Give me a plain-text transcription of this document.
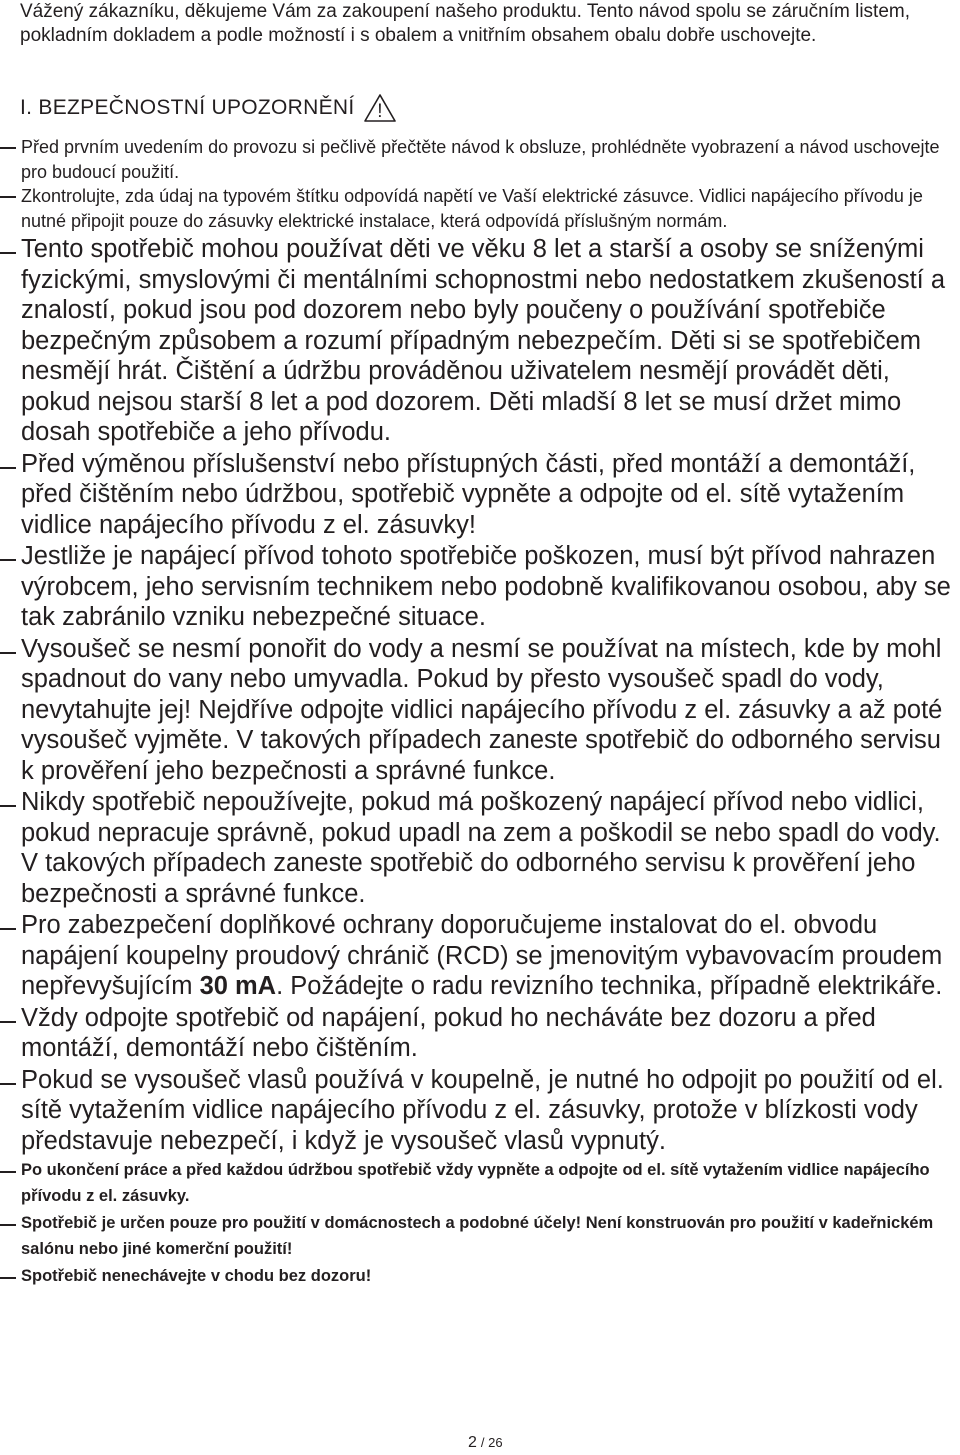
Vážený zákazníku, děkujeme Vám za zakoupení našeho produktu. Tento návod spolu se záručním listem, pokladním dokladem a podle možností i s obalem a vnitřním obsahem obalu dobře uschovejte.

I. BEZPEČNOSTNÍ UPOZORNĚNÍ !
Před prvním uvedením do provozu si pečlivě přečtěte návod k obsluze, prohlédněte vyobrazení a návod uschovejte pro budoucí použití.
Zkontrolujte, zda údaj na typovém štítku odpovídá napětí ve Vaší elektrické zásuvce. Vidlici napájecího přívodu je nutné připojit pouze do zásuvky elektrické instalace, která odpovídá příslušným normám.
Tento spotřebič mohou používat děti ve věku 8 let a starší a osoby se sníženými fyzickými, smyslovými či mentálními schopnostmi nebo nedostatkem zkušeností a znalostí, pokud jsou pod dozorem nebo byly poučeny o používání spotřebiče bezpečným způsobem a rozumí případným nebezpečím. Děti si se spotřebičem nesmějí hrát. Čištění a údržbu prováděnou uživatelem nesmějí provádět děti, pokud nejsou starší 8 let a pod dozorem. Děti mladší 8 let se musí držet mimo dosah spotřebiče a jeho přívodu.
Před výměnou příslušenství nebo přístupných části, před montáží a demontáží, před čištěním nebo údržbou, spotřebič vypněte a odpojte od el. sítě vytažením vidlice napájecího přívodu z el. zásuvky!
Jestliže je napájecí přívod tohoto spotřebiče poškozen, musí být přívod nahrazen výrobcem, jeho servisním technikem nebo podobně kvalifikovanou osobou, aby se tak zabránilo vzniku nebezpečné situace.
Vysoušeč se nesmí ponořit do vody a nesmí se používat na místech, kde by mohl spadnout do vany nebo umyvadla. Pokud by přesto vysoušeč spadl do vody, nevytahujte jej! Nejdříve odpojte vidlici napájecího přívodu z el. zásuvky a až poté vysoušeč vyjměte. V takových případech zaneste spotřebič do odborného servisu k prověření jeho bezpečnosti a správné funkce.
Nikdy spotřebič nepoužívejte, pokud má poškozený napájecí přívod nebo vidlici, pokud nepracuje správně, pokud upadl na zem a poškodil se nebo spadl do vody. V takových případech zaneste spotřebič do odborného servisu k prověření jeho bezpečnosti a správné funkce.
Pro zabezpečení doplňkové ochrany doporučujeme instalovat do el. obvodu napájení koupelny proudový chránič (RCD) se jmenovitým vybavovacím proudem nepřevyšujícím 30 mA. Požádejte o radu revizního technika, případně elektrikáře.
Vždy odpojte spotřebič od napájení, pokud ho necháváte bez dozoru a před montáží, demontáží nebo čištěním.
Pokud se vysoušeč vlasů používá v koupelně, je nutné ho odpojit po použití od el. sítě vytažením vidlice napájecího přívodu z el. zásuvky, protože v blízkosti vody představuje nebezpečí, i když je vysoušeč vlasů vypnutý.
Po ukončení práce a před každou údržbou spotřebič vždy vypněte a odpojte od el. sítě vytažením vidlice napájecího přívodu z el. zásuvky.
Spotřebič je určen pouze pro použití v domácnostech a podobné účely! Není konstruován pro použití v kadeřnickém salónu nebo jiné komerční použití!
Spotřebič nenechávejte v chodu bez dozoru!
2 / 26
